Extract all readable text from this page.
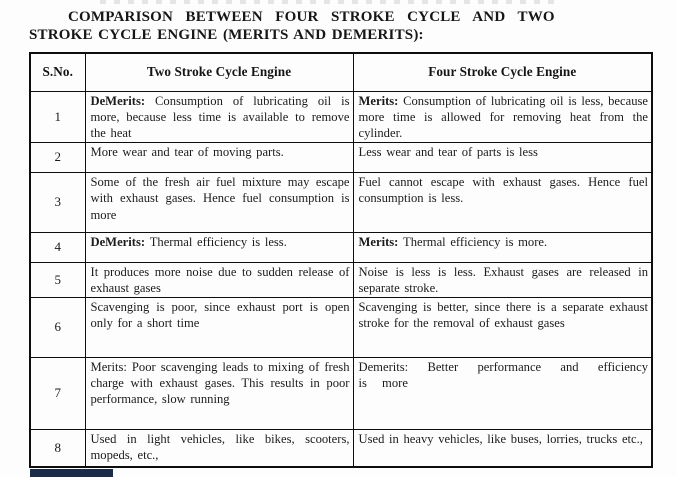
COMPARISON BETWEEN FOUR STROKE CYCLE AND TWO
STROKE CYCLE ENGINE (MERITS AND DEMERITS):
S.No.	Two Stroke Cycle Engine	Four Stroke Cycle Engine
1	DeMerits: Consumption of lubricating oil is more, because less time is available to remove the heat	Merits: Consumption of lubricating oil is less, because more time is allowed for removing heat from the cylinder.
2	More wear and tear of moving parts.	Less wear and tear of parts is less
3	Some of the fresh air fuel mixture may escape with exhaust gases. Hence fuel consumption is more	Fuel cannot escape with exhaust gases. Hence fuel consumption is less.
4	DeMerits: Thermal efficiency is less.	Merits: Thermal efficiency is more.
5	It produces more noise due to sudden release of exhaust gases	Noise is less is less. Exhaust gases are released in separate stroke.
6	Scavenging is poor, since exhaust port is open only for a short time	Scavenging is better, since there is a separate exhaust stroke for the removal of exhaust gases
7	Merits: Poor scavenging leads to mixing of fresh charge with exhaust gases. This results in poor performance, slow running	Demerits: Better performance and efficiency is more
8	Used in light vehicles, like bikes, scooters, mopeds, etc.,	Used in heavy vehicles, like buses, lorries, trucks etc.,
